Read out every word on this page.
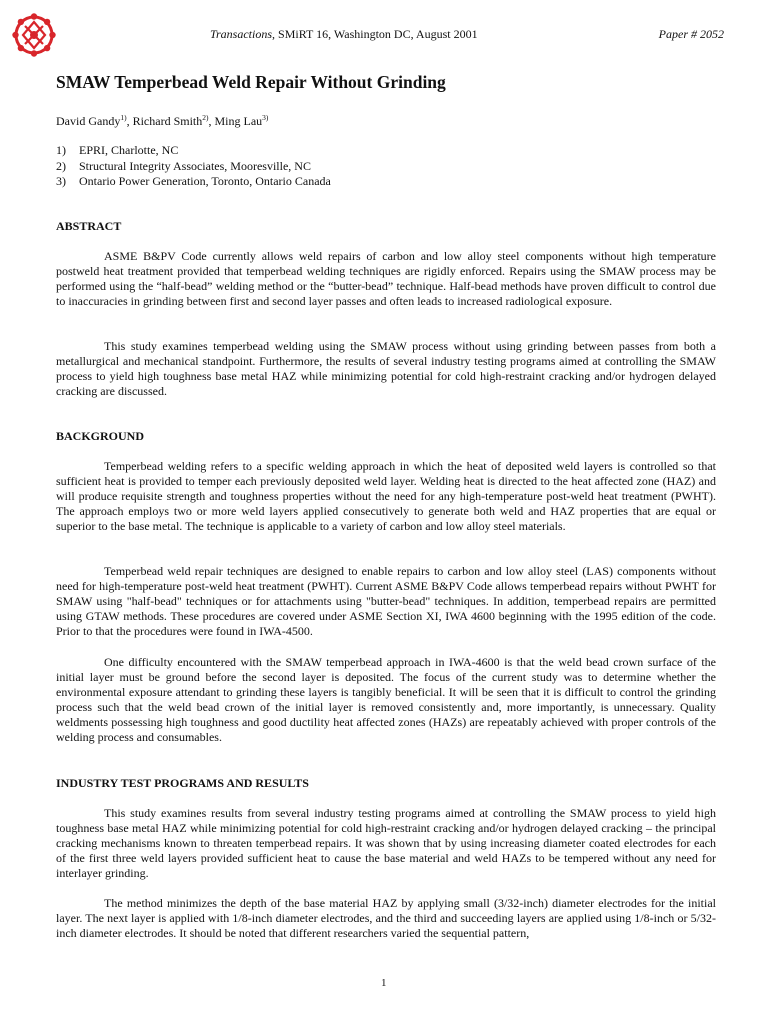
Transactions, SMiRT 16, Washington DC, August 2001	Paper # 2052
SMAW Temperbead Weld Repair Without Grinding
David Gandy$^{1)}$, Richard Smith$^{2)}$, Ming Lau$^{3)}$
1) EPRI, Charlotte, NC
2) Structural Integrity Associates, Mooresville, NC
3) Ontario Power Generation, Toronto, Ontario Canada
ABSTRACT

ASME B&PV Code currently allows weld repairs of carbon and low alloy steel components without high temperature postweld heat treatment provided that temperbead welding techniques are rigidly enforced. Repairs using the SMAW process may be performed using the “half-bead” welding method or the “butter-bead” technique. Half-bead methods have proven difficult to control due to inaccuracies in grinding between first and second layer passes and often leads to increased radiological exposure.

This study examines temperbead welding using the SMAW process without using grinding between passes from both a metallurgical and mechanical standpoint. Furthermore, the results of several industry testing programs aimed at controlling the SMAW process to yield high toughness base metal HAZ while minimizing potential for cold high-restraint cracking and/or hydrogen delayed cracking are discussed.

BACKGROUND

Temperbead welding refers to a specific welding approach in which the heat of deposited weld layers is controlled so that sufficient heat is provided to temper each previously deposited weld layer. Welding heat is directed to the heat affected zone (HAZ) and will produce requisite strength and toughness properties without the need for any high-temperature post-weld heat treatment (PWHT). The approach employs two or more weld layers applied consecutively to generate both weld and HAZ properties that are equal or superior to the base metal. The technique is applicable to a variety of carbon and low alloy steel materials.

Temperbead weld repair techniques are designed to enable repairs to carbon and low alloy steel (LAS) components without need for high-temperature post-weld heat treatment (PWHT). Current ASME B&PV Code allows temperbead repairs without PWHT for SMAW using "half-bead" techniques or for attachments using "butter-bead" techniques. In addition, temperbead repairs are permitted using GTAW methods. These procedures are covered under ASME Section XI, IWA 4600 beginning with the 1995 edition of the code. Prior to that the procedures were found in IWA-4500.

One difficulty encountered with the SMAW temperbead approach in IWA-4600 is that the weld bead crown surface of the initial layer must be ground before the second layer is deposited. The focus of the current study was to determine whether the environmental exposure attendant to grinding these layers is tangibly beneficial. It will be seen that it is difficult to control the grinding process such that the weld bead crown of the initial layer is removed consistently and, more importantly, is unnecessary. Quality weldments possessing high toughness and good ductility heat affected zones (HAZs) are repeatably achieved with proper controls of the welding process and consumables.

INDUSTRY TEST PROGRAMS AND RESULTS

This study examines results from several industry testing programs aimed at controlling the SMAW process to yield high toughness base metal HAZ while minimizing potential for cold high-restraint cracking and/or hydrogen delayed cracking – the principal cracking mechanisms known to threaten temperbead repairs. It was shown that by using increasing diameter coated electrodes for each of the first three weld layers provided sufficient heat to cause the base material and weld HAZs to be tempered without any need for interlayer grinding.

The method minimizes the depth of the base material HAZ by applying small (3/32-inch) diameter electrodes for the initial layer. The next layer is applied with 1/8-inch diameter electrodes, and the third and succeeding layers are applied using 1/8-inch or 5/32-inch diameter electrodes. It should be noted that different researchers varied the sequential pattern,

1
